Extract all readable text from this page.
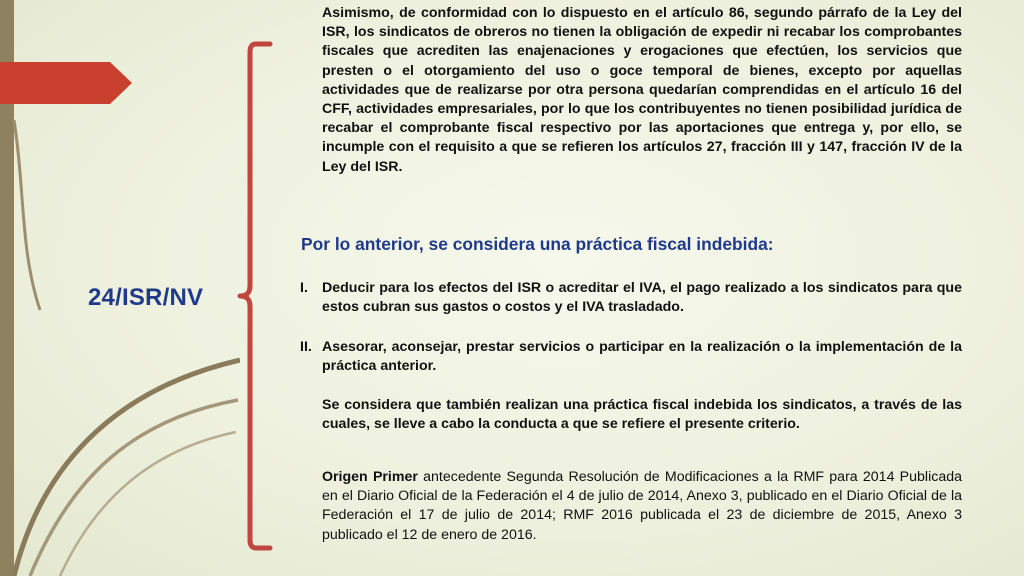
24/ISR/NV

Asimismo, de conformidad con lo dispuesto en el artículo 86, segundo párrafo de la Ley del ISR, los sindicatos de obreros no tienen la obligación de expedir ni recabar los comprobantes fiscales que acrediten las enajenaciones y erogaciones que efectúen, los servicios que presten o el otorgamiento del uso o goce temporal de bienes, excepto por aquellas actividades que de realizarse por otra persona quedarían comprendidas en el artículo 16 del CFF, actividades empresariales, por lo que los contribuyentes no tienen posibilidad jurídica de recabar el comprobante fiscal respectivo por las aportaciones que entrega y, por ello, se incumple con el requisito a que se refieren los artículos 27, fracción III y 147, fracción IV de la Ley del ISR.

Por lo anterior, se considera una práctica fiscal indebida:

I. Deducir para los efectos del ISR o acreditar el IVA, el pago realizado a los sindicatos para que estos cubran sus gastos o costos y el IVA trasladado.
II. Asesorar, aconsejar, prestar servicios o participar en la realización o la implementación de la práctica anterior.

Se considera que también realizan una práctica fiscal indebida los sindicatos, a través de las cuales, se lleve a cabo la conducta a que se refiere el presente criterio.

Origen Primer antecedente Segunda Resolución de Modificaciones a la RMF para 2014 Publicada en el Diario Oficial de la Federación el 4 de julio de 2014, Anexo 3, publicado en el Diario Oficial de la Federación el 17 de julio de 2014; RMF 2016 publicada el 23 de diciembre de 2015, Anexo 3 publicado el 12 de enero de 2016.
